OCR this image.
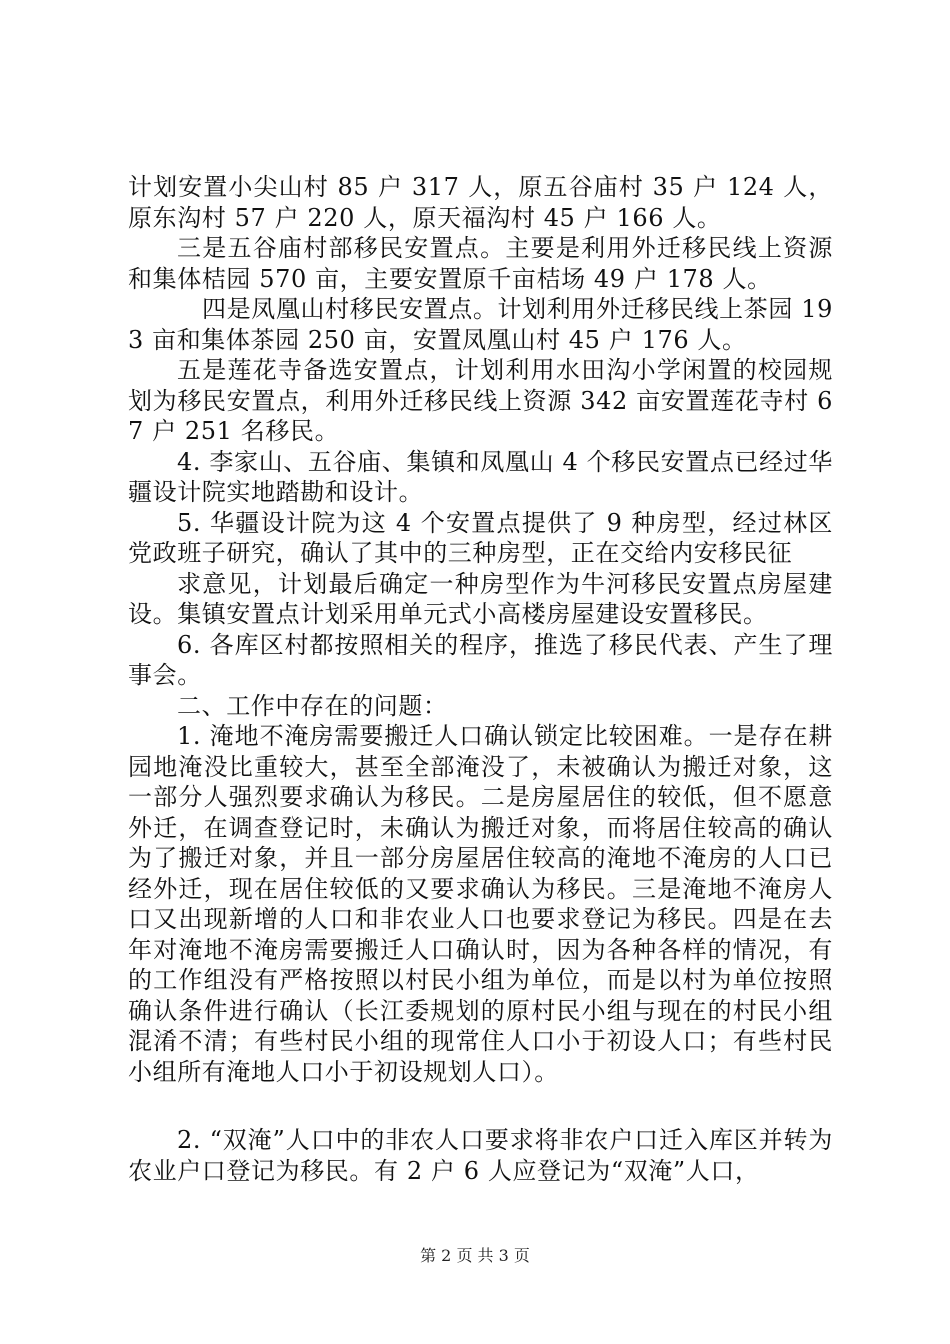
计划安置小尖山村 85 户 317 人，原五谷庙村 35 户 124 人，原东沟村 57 户 220 人，原天福沟村 45 户 166 人。

三是五谷庙村部移民安置点。主要是利用外迁移民线上资源和集体桔园 570 亩，主要安置原千亩桔场 49 户 178 人。

四是凤凰山村移民安置点。计划利用外迁移民线上茶园 193 亩和集体茶园 250 亩，安置凤凰山村 45 户 176 人。

五是莲花寺备选安置点，计划利用水田沟小学闲置的校园规划为移民安置点，利用外迁移民线上资源 342 亩安置莲花寺村 67 户 251 名移民。

4. 李家山、五谷庙、集镇和凤凰山 4 个移民安置点已经过华疆设计院实地踏勘和设计。

5. 华疆设计院为这 4 个安置点提供了 9 种房型，经过林区党政班子研究，确认了其中的三种房型，正在交给内安移民征

求意见，计划最后确定一种房型作为牛河移民安置点房屋建设。集镇安置点计划采用单元式小高楼房屋建设安置移民。

6. 各库区村都按照相关的程序，推选了移民代表、产生了理事会。

二、工作中存在的问题：

1. 淹地不淹房需要搬迁人口确认锁定比较困难。一是存在耕园地淹没比重较大，甚至全部淹没了，未被确认为搬迁对象，这一部分人强烈要求确认为移民。二是房屋居住的较低，但不愿意外迁，在调查登记时，未确认为搬迁对象，而将居住较高的确认为了搬迁对象，并且一部分房屋居住较高的淹地不淹房的人口已经外迁，现在居住较低的又要求确认为移民。三是淹地不淹房人口又出现新增的人口和非农业人口也要求登记为移民。四是在去年对淹地不淹房需要搬迁人口确认时，因为各种各样的情况，有的工作组没有严格按照以村民小组为单位，而是以村为单位按照确认条件进行确认（长江委规划的原村民小组与现在的村民小组混淆不清；有些村民小组的现常住人口小于初设人口；有些村民小组所有淹地人口小于初设规划人口）。

2. “双淹”人口中的非农人口要求将非农户口迁入库区并转为农业户口登记为移民。有 2 户 6 人应登记为“双淹”人口，

第 2 页 共 3 页
